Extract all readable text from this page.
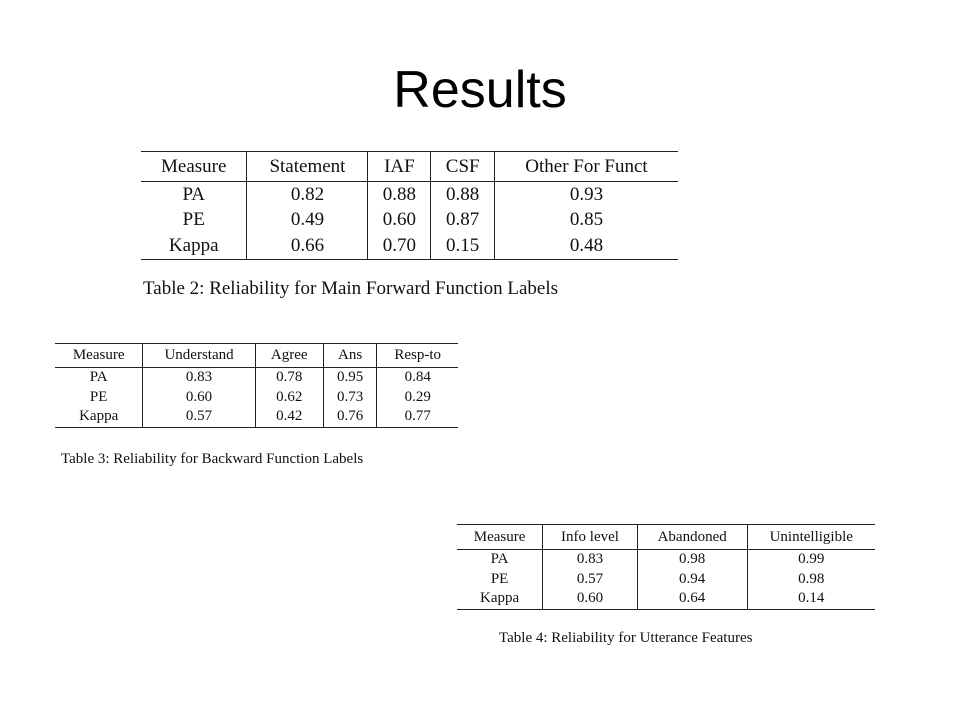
Results
Measure	Statement	IAF	CSF	Other For Funct
PA	0.82	0.88	0.88	0.93
PE	0.49	0.60	0.87	0.85
Kappa	0.66	0.70	0.15	0.48
Table 2: Reliability for Main Forward Function Labels
Measure	Understand	Agree	Ans	Resp-to
PA	0.83	0.78	0.95	0.84
PE	0.60	0.62	0.73	0.29
Kappa	0.57	0.42	0.76	0.77
Table 3: Reliability for Backward Function Labels
Measure	Info level	Abandoned	Unintelligible
PA	0.83	0.98	0.99
PE	0.57	0.94	0.98
Kappa	0.60	0.64	0.14
Table 4: Reliability for Utterance Features
